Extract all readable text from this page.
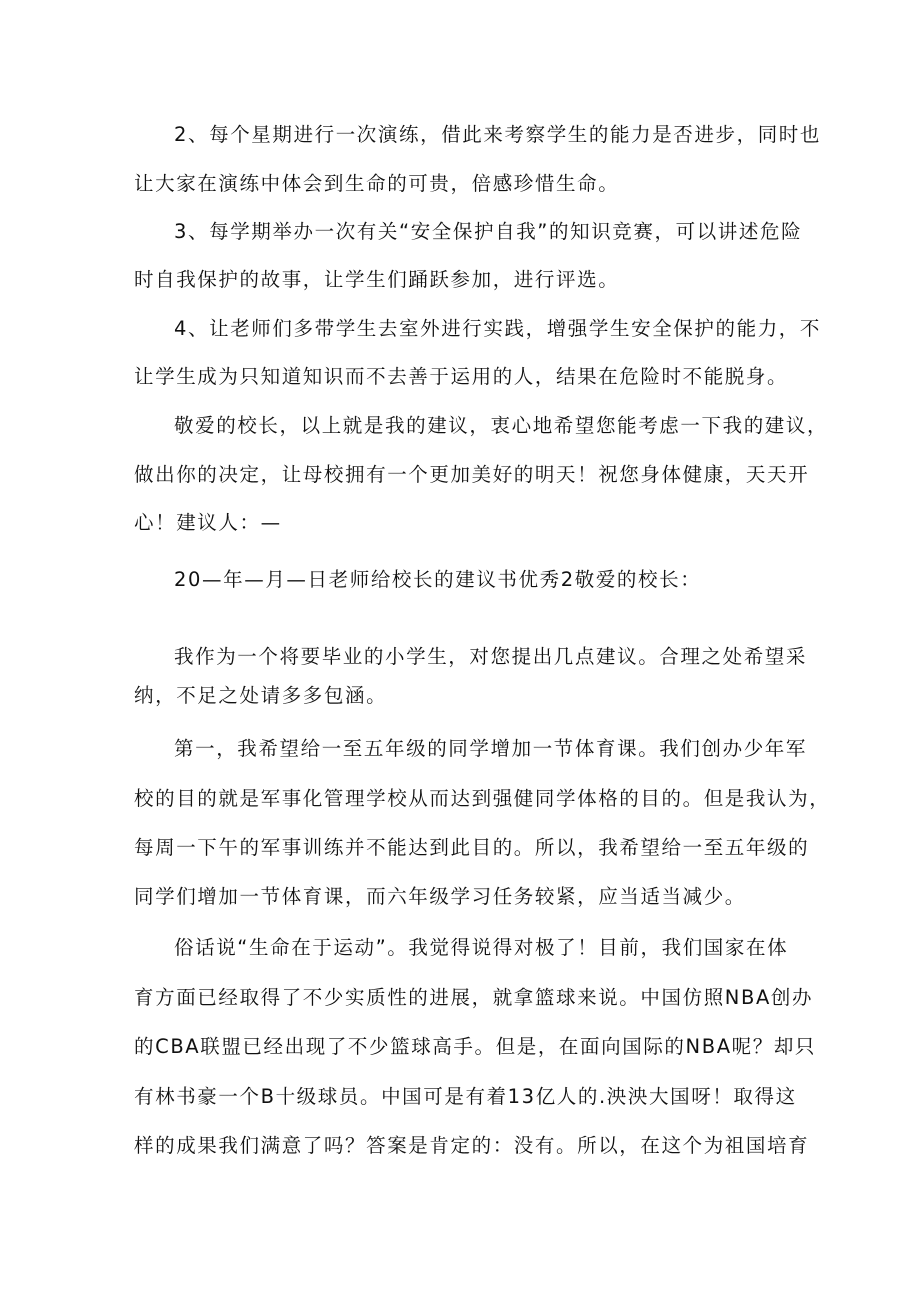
2、每个星期进行一次演练，借此来考察学生的能力是否进步，同时也
让大家在演练中体会到生命的可贵，倍感珍惜生命。
3、每学期举办一次有关“安全保护自我”的知识竞赛，可以讲述危险
时自我保护的故事，让学生们踊跃参加，进行评选。
4、让老师们多带学生去室外进行实践，增强学生安全保护的能力，不
让学生成为只知道知识而不去善于运用的人，结果在危险时不能脱身。
敬爱的校长，以上就是我的建议，衷心地希望您能考虑一下我的建议，
做出你的决定，让母校拥有一个更加美好的明天！祝您身体健康，天天开
心！建议人：—
20—年—月—日老师给校长的建议书优秀2敬爱的校长：
我作为一个将要毕业的小学生，对您提出几点建议。合理之处希望采
纳，不足之处请多多包涵。
第一，我希望给一至五年级的同学增加一节体育课。我们创办少年军
校的目的就是军事化管理学校从而达到强健同学体格的目的。但是我认为，
每周一下午的军事训练并不能达到此目的。所以，我希望给一至五年级的
同学们增加一节体育课，而六年级学习任务较紧，应当适当减少。
俗话说“生命在于运动”。我觉得说得对极了！目前，我们国家在体
育方面已经取得了不少实质性的进展，就拿篮球来说。中国仿照NBA创办
的CBA联盟已经出现了不少篮球高手。但是，在面向国际的NBA呢？却只
有林书豪一个B十级球员。中国可是有着13亿人的.泱泱大国呀！取得这
样的成果我们满意了吗？答案是肯定的：没有。所以，在这个为祖国培育
